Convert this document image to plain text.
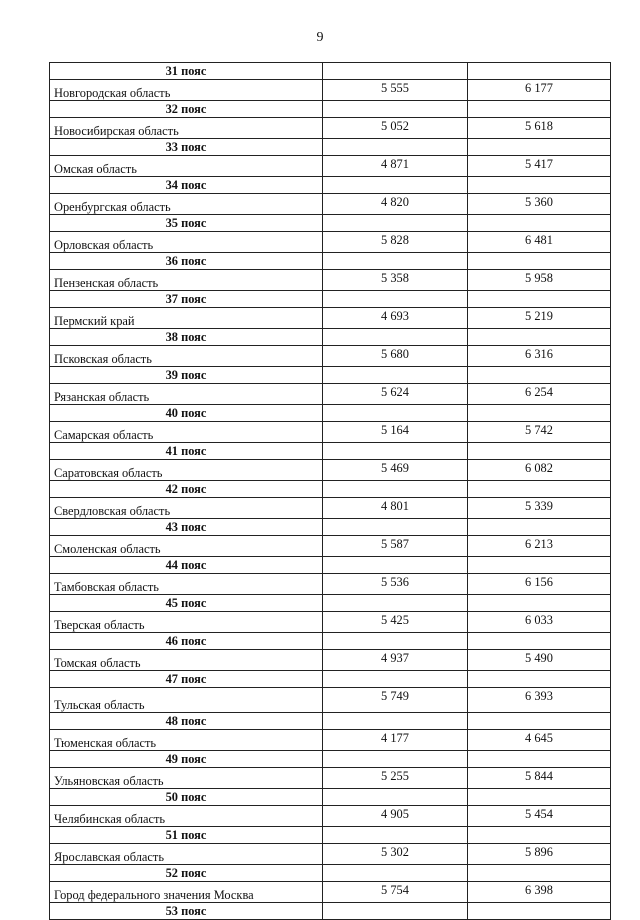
9
31 пояс		
Новгородская область	5 555	6 177
32 пояс		
Новосибирская область	5 052	5 618
33 пояс		
Омская область	4 871	5 417
34 пояс		
Оренбургская область	4 820	5 360
35 пояс		
Орловская область	5 828	6 481
36 пояс		
Пензенская область	5 358	5 958
37 пояс		
Пермский край	4 693	5 219
38 пояс		
Псковская область	5 680	6 316
39 пояс		
Рязанская область	5 624	6 254
40 пояс		
Самарская область	5 164	5 742
41 пояс		
Саратовская область	5 469	6 082
42 пояс		
Свердловская область	4 801	5 339
43 пояс		
Смоленская область	5 587	6 213
44 пояс		
Тамбовская область	5 536	6 156
45 пояс		
Тверская область	5 425	6 033
46 пояс		
Томская область	4 937	5 490
47 пояс		
Тульская область	5 749	6 393
48 пояс		
Тюменская область	4 177	4 645
49 пояс		
Ульяновская область	5 255	5 844
50 пояс		
Челябинская область	4 905	5 454
51 пояс		
Ярославская область	5 302	5 896
52 пояс		
Город федерального значения Москва	5 754	6 398
53 пояс		
